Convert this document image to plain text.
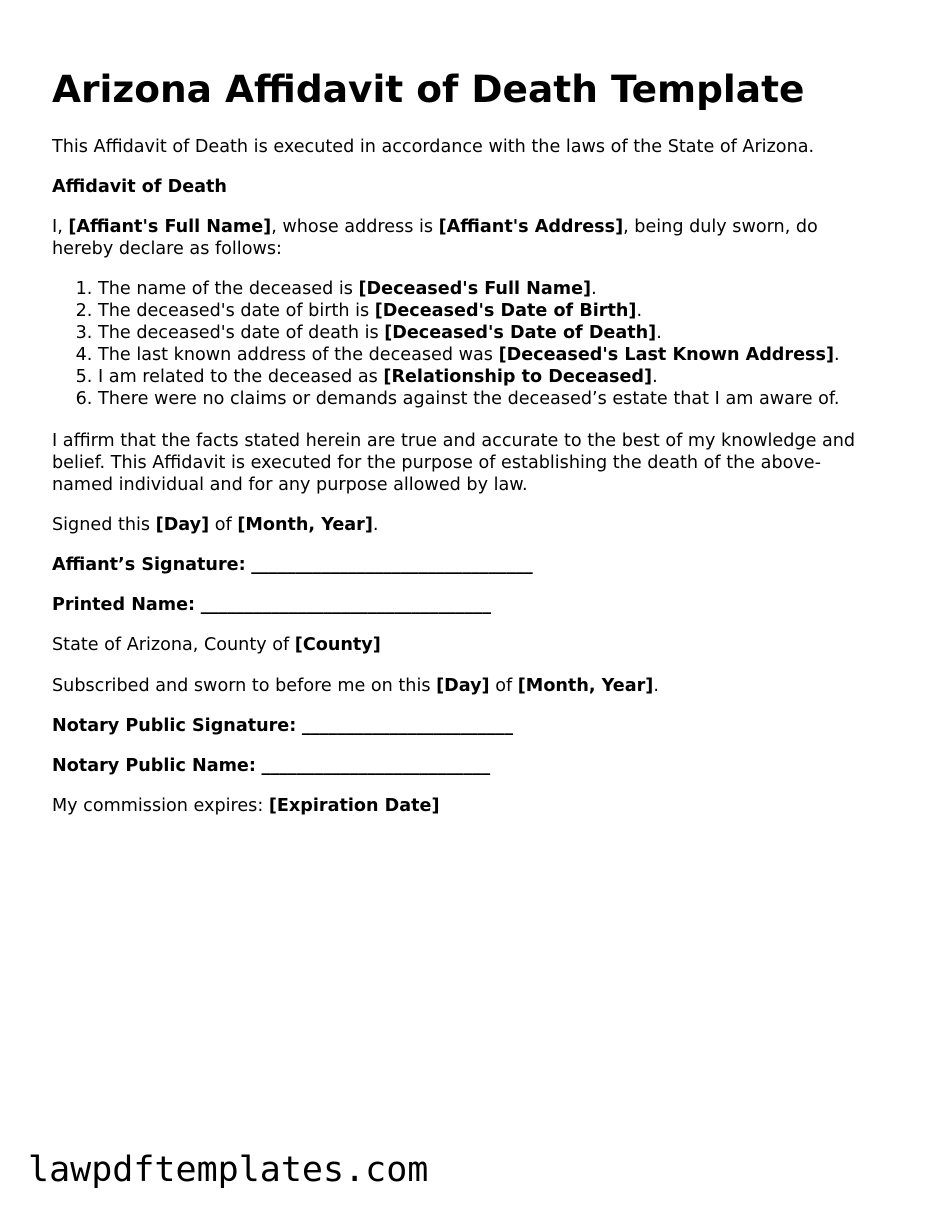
Arizona Affidavit of Death Template

This Affidavit of Death is executed in accordance with the laws of the State of Arizona.

Affidavit of Death

I, [Affiant's Full Name], whose address is [Affiant's Address], being duly sworn, do hereby declare as follows:

1. The name of the deceased is [Deceased's Full Name].
2. The deceased's date of birth is [Deceased's Date of Birth].
3. The deceased's date of death is [Deceased's Date of Death].
4. The last known address of the deceased was [Deceased's Last Known Address].
5. I am related to the deceased as [Relationship to Deceased].
6. There were no claims or demands against the deceased’s estate that I am aware of.

I affirm that the facts stated herein are true and accurate to the best of my knowledge and belief. This Affidavit is executed for the purpose of establishing the death of the above-named individual and for any purpose allowed by law.

Signed this [Day] of [Month, Year].

Affiant’s Signature: ________________________________

Printed Name: _________________________________

State of Arizona, County of [County]

Subscribed and sworn to before me on this [Day] of [Month, Year].

Notary Public Signature: ________________________

Notary Public Name: __________________________

My commission expires: [Expiration Date]

lawpdftemplates.com
